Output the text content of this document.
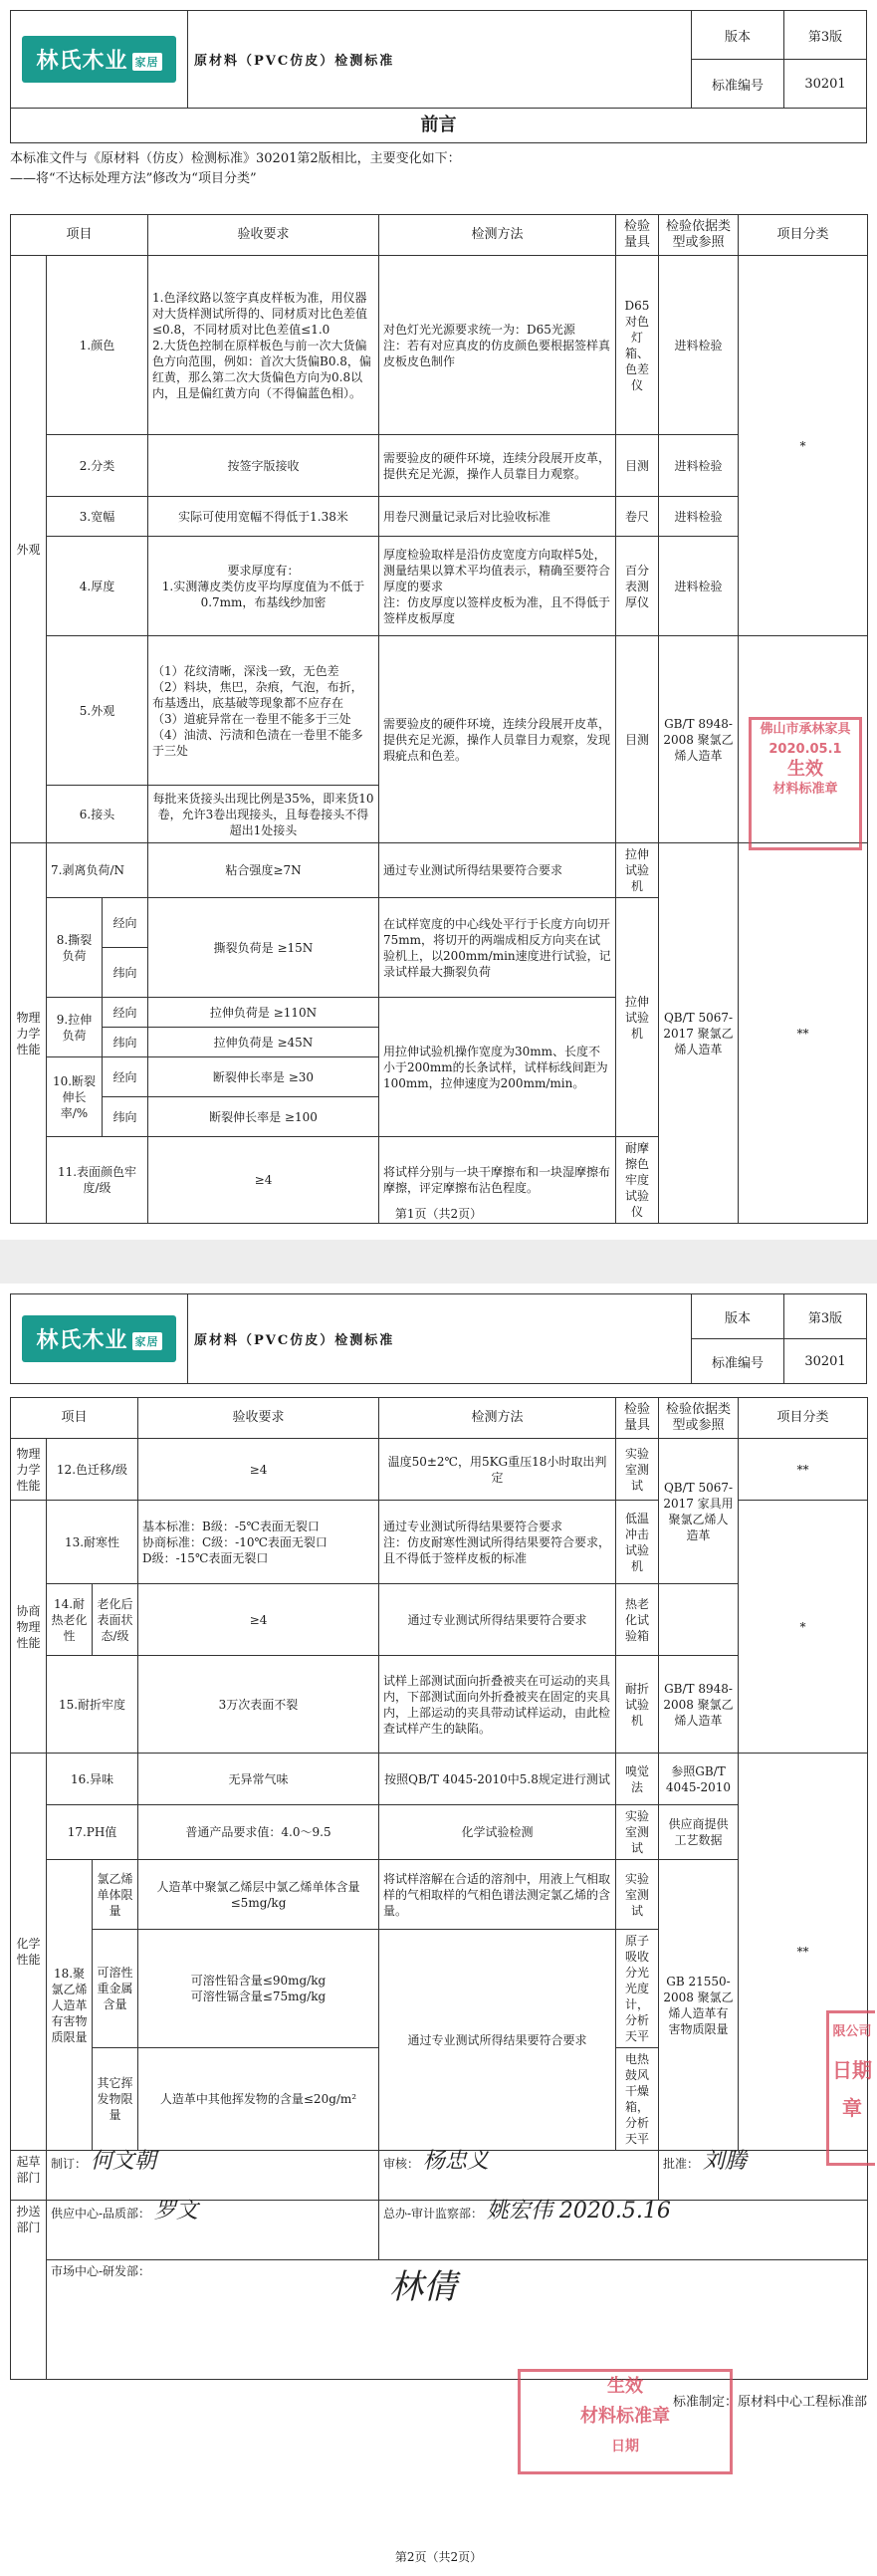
林氏木业 家居	原材料（PVC仿皮）检测标准	版本	第3版
		标准编号	30201
前言
本标准文件与《原材料（仿皮）检测标准》30201第2版相比，主要变化如下：
——将“不达标处理方法”修改为“项目分类”
项目			验收要求	检测方法	检验量具	检验依据类型或参照	项目分类
外观	1.颜色		1.色泽纹路以签字真皮样板为准，用仪器对大货样测试所得的、同材质对比色差值≤0.8，不同材质对比色差值≤1.0
2.大货色控制在原样板色与前一次大货偏色方向范围，例如：首次大货偏B0.8，偏红黄，那么第二次大货偏色方向为0.8以内，且是偏红黄方向（不得偏蓝色相）。	对色灯光光源要求统一为：D65光源
注：若有对应真皮的仿皮颜色要根据签样真皮板皮色制作	D65对色灯箱、色差仪	进料检验	*
	2.分类		按签字版接收	需要验皮的硬件环境，连续分段展开皮革，提供充足光源，操作人员靠目力观察。	目测	进料检验	
	3.宽幅		实际可使用宽幅不得低于1.38米	用卷尺测量记录后对比验收标准	卷尺	进料检验	
	4.厚度		要求厚度有：
1.实测薄皮类仿皮平均厚度值为不低于0.7mm，布基线纱加密	厚度检验取样是沿仿皮宽度方向取样5处，测量结果以算术平均值表示，精确至要符合厚度的要求
注：仿皮厚度以签样皮板为准，且不得低于签样皮板厚度	百分表测厚仪	进料检验	
	5.外观		（1）花纹清晰，深浅一致，无色差
（2）料块，焦巴，杂痕，气泡，布折，布基透出，底基破等现象都不应存在
（3）道疵异常在一卷里不能多于三处
（4）油渍、污渍和色渍在一卷里不能多于三处	需要验皮的硬件环境，连续分段展开皮革，提供充足光源，操作人员靠目力观察，发现瑕疵点和色差。	目测	GB/T 8948-2008 聚氯乙烯人造革	
	6.接头		每批来货接头出现比例是35%，即来货10卷，允许3卷出现接头，且每卷接头不得超出1处接头				
物理力学性能	7.剥离负荷/N		粘合强度≥7N	通过专业测试所得结果要符合要求	拉伸试验机	QB/T 5067-2017 聚氯乙烯人造革	**
	8.撕裂负荷	经向	撕裂负荷是 ≥15N	在试样宽度的中心线处平行于长度方向切开75mm，将切开的两端成相反方向夹在试验机上，以200mm/min速度进行试验，记录试样最大撕裂负荷	拉伸试验机		
		纬向					
	9.拉伸负荷	经向	拉伸负荷是 ≥110N	用拉伸试验机操作宽度为30mm、长度不小于200mm的长条试样，试样标线间距为100mm，拉伸速度为200mm/min。			
		纬向	拉伸负荷是 ≥45N				
	10.断裂伸长率/%	经向	断裂伸长率是 ≥30				
		纬向	断裂伸长率是 ≥100				
	11.表面颜色牢度/级		≥4	将试样分别与一块干摩擦布和一块湿摩擦布摩擦，评定摩擦布沾色程度。	耐摩擦色牢度试验仪		
佛山市承林家具
2020.05.1
生效
材料标准章
第1页（共2页）
林氏木业 家居	原材料（PVC仿皮）检测标准	版本	第3版
		标准编号	30201
项目			验收要求	检测方法	检验量具	检验依据类型或参照	项目分类
物理力学性能	12.色迁移/级		≥4	温度50±2℃，用5KG重压18小时取出判定	实验室测试	QB/T 5067-2017 家具用聚氯乙烯人造革	**
协商物理性能	13.耐寒性		基本标准：B级：-5℃表面无裂口
协商标准：C级：-10℃表面无裂口
D级：-15℃表面无裂口	通过专业测试所得结果要符合要求
注：仿皮耐寒性测试所得结果要符合要求，且不得低于签样皮板的标准	低温冲击试验机		*
	14.耐热老化性	老化后表面状态/级	≥4	通过专业测试所得结果要符合要求	热老化试验箱		
	15.耐折牢度		3万次表面不裂	试样上部测试面向折叠被夹在可运动的夹具内，下部测试面向外折叠被夹在固定的夹具内，上部运动的夹具带动试样运动，由此检查试样产生的缺陷。	耐折试验机	GB/T 8948-2008 聚氯乙烯人造革	
化学性能	16.异味		无异常气味	按照QB/T 4045-2010中5.8规定进行测试	嗅觉法	参照GB/T 4045-2010	**
	17.PH值		普通产品要求值：4.0～9.5	化学试验检测	实验室测试	供应商提供工艺数据	
	18.聚氯乙烯人造革有害物质限量	氯乙烯单体限量	人造革中聚氯乙烯层中氯乙烯单体含量≤5mg/kg	将试样溶解在合适的溶剂中，用液上气相取样的气相取样的气相色谱法测定氯乙烯的含量。	实验室测试	GB 21550-2008 聚氯乙烯人造革有害物质限量	
		可溶性重金属含量	可溶性铅含量≤90mg/kg
可溶性镉含量≤75mg/kg	通过专业测试所得结果要符合要求	原子吸收分光光度计，分析天平		
		其它挥发物限量	人造革中其他挥发物的含量≤20g/m²		电热鼓风干燥箱，分析天平		
起草部门	制订： 何文朝			审核： 杨忠义		批准： 刘腾	
抄送部门	供应中心-品质部： 罗文			总办-审计监察部： 姚宏伟 2020.5.16			
	市场中心-研发部： 林倩						
限公司
日期
章
生效
材料标准章
日期
标准制定：原材料中心工程标准部
第2页（共2页）
